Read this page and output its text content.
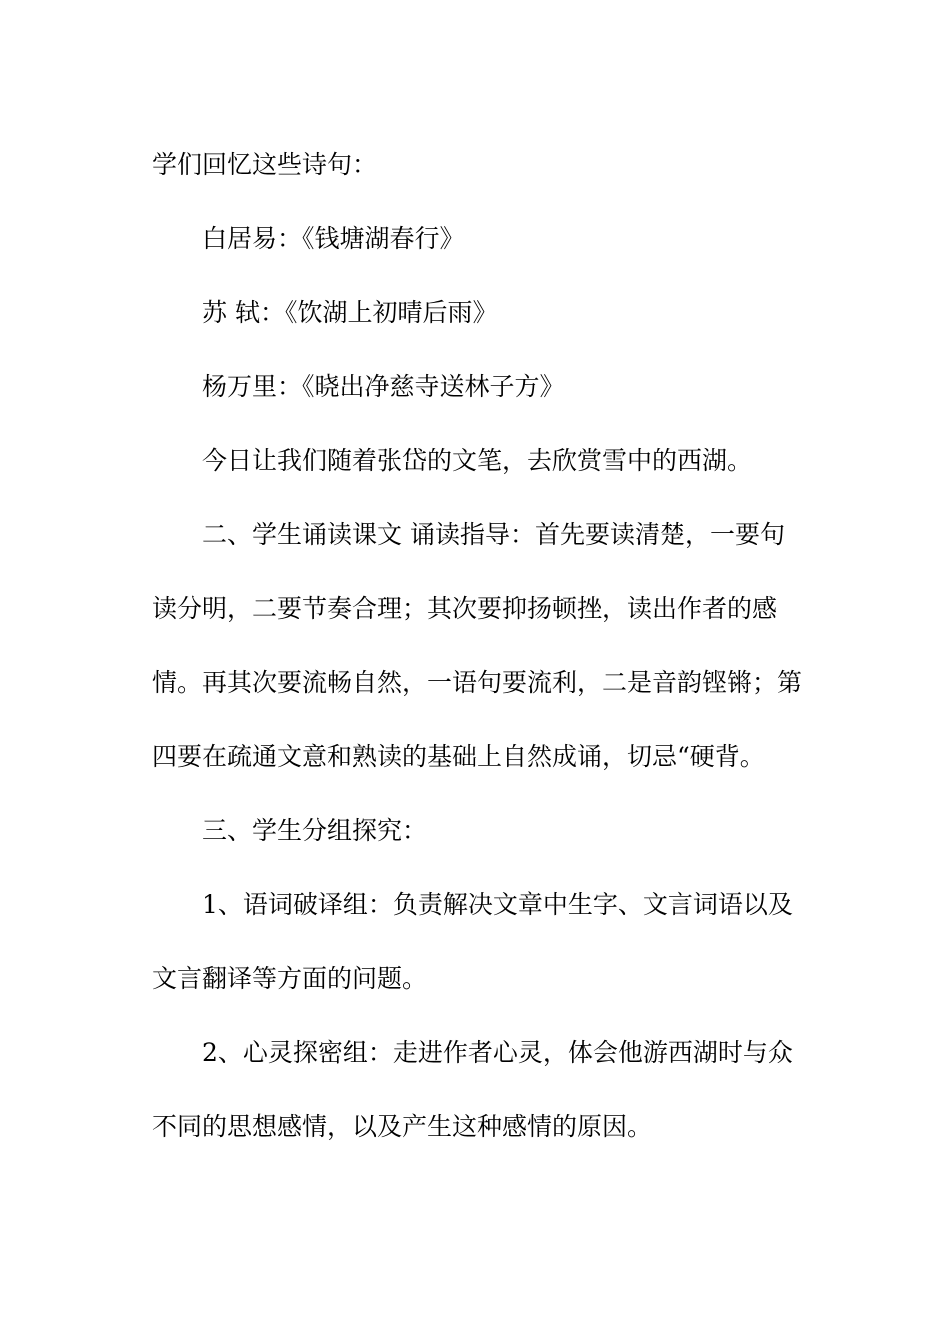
学们回忆这些诗句：

白居易：《钱塘湖春行》

苏 轼：《饮湖上初晴后雨》

杨万里：《晓出净慈寺送林子方》

今日让我们随着张岱的文笔，去欣赏雪中的西湖。

二、学生诵读课文 诵读指导：首先要读清楚，一要句读分明，二要节奏合理；其次要抑扬顿挫，读出作者的感情。再其次要流畅自然，一语句要流利，二是音韵铿锵；第四要在疏通文意和熟读的基础上自然成诵，切忌“硬背。

三、学生分组探究：

1、语词破译组：负责解决文章中生字、文言词语以及文言翻译等方面的问题。

2、心灵探密组：走进作者心灵，体会他游西湖时与众不同的思想感情，以及产生这种感情的原因。
